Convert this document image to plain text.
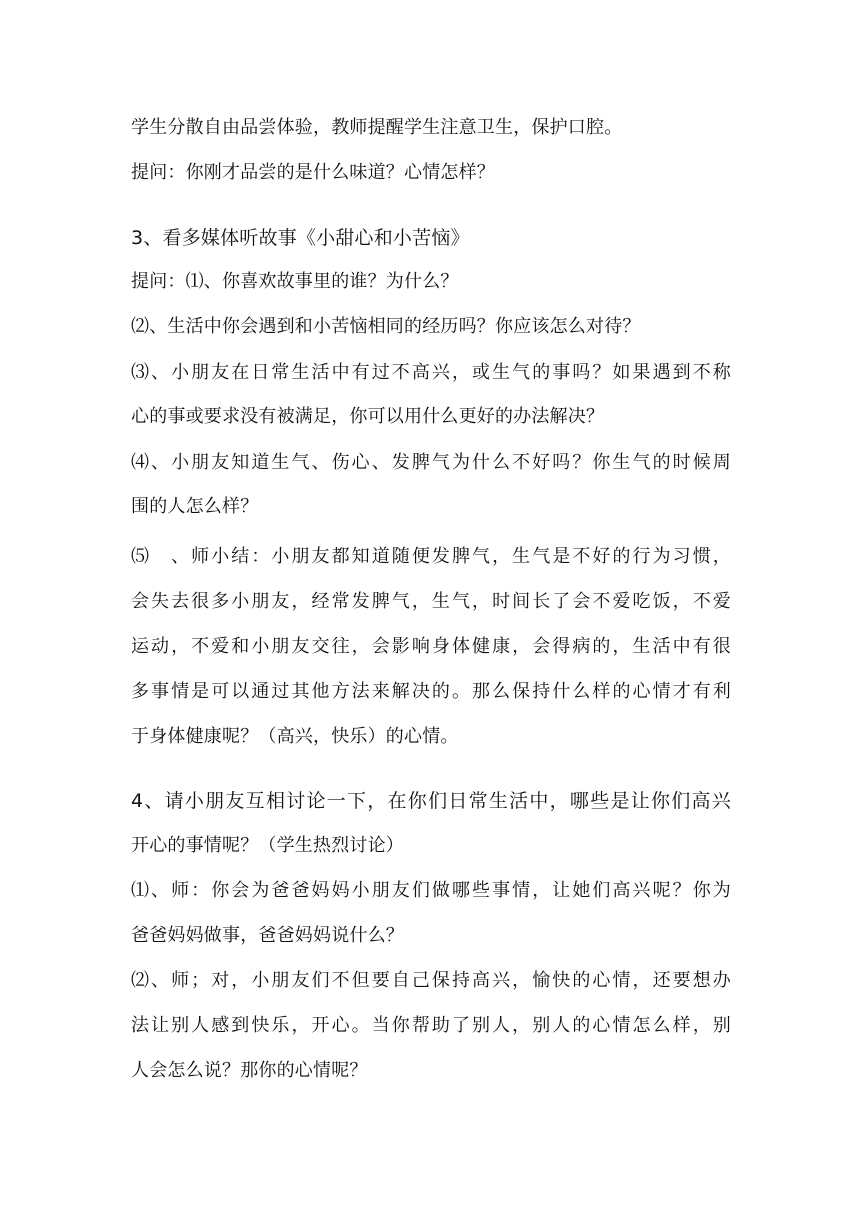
学生分散自由品尝体验，教师提醒学生注意卫生，保护口腔。
提问：你刚才品尝的是什么味道？心情怎样？
3、看多媒体听故事《小甜心和小苦恼》
提问：⑴、你喜欢故事里的谁？为什么？
⑵、生活中你会遇到和小苦恼相同的经历吗？你应该怎么对待？
⑶、小朋友在日常生活中有过不高兴，或生气的事吗？如果遇到不称
心的事或要求没有被满足，你可以用什么更好的办法解决？
⑷、小朋友知道生气、伤心、发脾气为什么不好吗？你生气的时候周
围的人怎么样？
⑸　、师小结：小朋友都知道随便发脾气，生气是不好的行为习惯，
会失去很多小朋友，经常发脾气，生气，时间长了会不爱吃饭，不爱
运动，不爱和小朋友交往，会影响身体健康，会得病的，生活中有很
多事情是可以通过其他方法来解决的。那么保持什么样的心情才有利
于身体健康呢？（高兴，快乐）的心情。
4、请小朋友互相讨论一下，在你们日常生活中，哪些是让你们高兴
开心的事情呢？（学生热烈讨论）
⑴、师：你会为爸爸妈妈小朋友们做哪些事情，让她们高兴呢？你为
爸爸妈妈做事，爸爸妈妈说什么？
⑵、师；对，小朋友们不但要自己保持高兴，愉快的心情，还要想办
法让别人感到快乐，开心。当你帮助了别人，别人的心情怎么样，别
人会怎么说？那你的心情呢？
